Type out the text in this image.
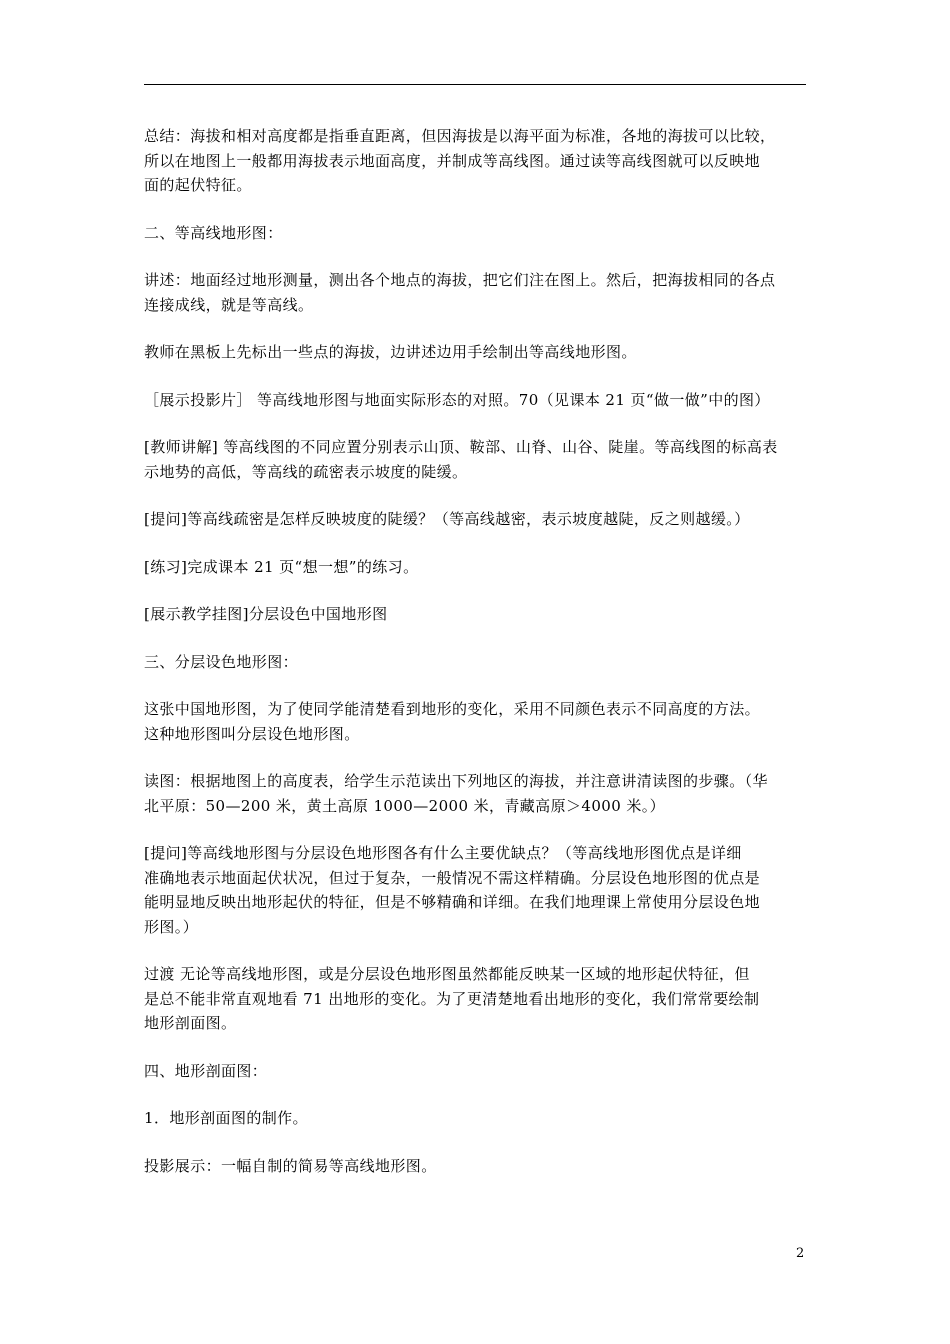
总结：海拔和相对高度都是指垂直距离，但因海拔是以海平面为标准，各地的海拔可以比较，
所以在地图上一般都用海拔表示地面高度，并制成等高线图。通过读等高线图就可以反映地
面的起伏特征。

二、等高线地形图：

讲述：地面经过地形测量，测出各个地点的海拔，把它们注在图上。然后，把海拔相同的各点
连接成线，就是等高线。

教师在黑板上先标出一些点的海拔，边讲述边用手绘制出等高线地形图。

［展示投影片］ 等高线地形图与地面实际形态的对照。70（见课本 21 页“做一做”中的图）

[教师讲解] 等高线图的不同应置分别表示山顶、鞍部、山脊、山谷、陡崖。等高线图的标高表
示地势的高低，等高线的疏密表示坡度的陡缓。

[提问]等高线疏密是怎样反映坡度的陡缓？（等高线越密，表示坡度越陡，反之则越缓。）

[练习]完成课本 21 页“想一想”的练习。

[展示教学挂图]分层设色中国地形图

三、分层设色地形图：

这张中国地形图，为了使同学能清楚看到地形的变化，采用不同颜色表示不同高度的方法。
这种地形图叫分层设色地形图。

读图：根据地图上的高度表，给学生示范读出下列地区的海拔，并注意讲清读图的步骤。（华
北平原：50—200 米，黄土高原 1000—2000 米，青藏高原＞4000 米。）

[提问]等高线地形图与分层设色地形图各有什么主要优缺点？（等高线地形图优点是详细
准确地表示地面起伏状况，但过于复杂，一般情况不需这样精确。分层设色地形图的优点是
能明显地反映出地形起伏的特征，但是不够精确和详细。在我们地理课上常使用分层设色地
形图。）

过渡 无论等高线地形图，或是分层设色地形图虽然都能反映某一区域的地形起伏特征，但
是总不能非常直观地看 71 出地形的变化。为了更清楚地看出地形的变化，我们常常要绘制
地形剖面图。

四、地形剖面图：

1．地形剖面图的制作。

投影展示：一幅自制的简易等高线地形图。

2
